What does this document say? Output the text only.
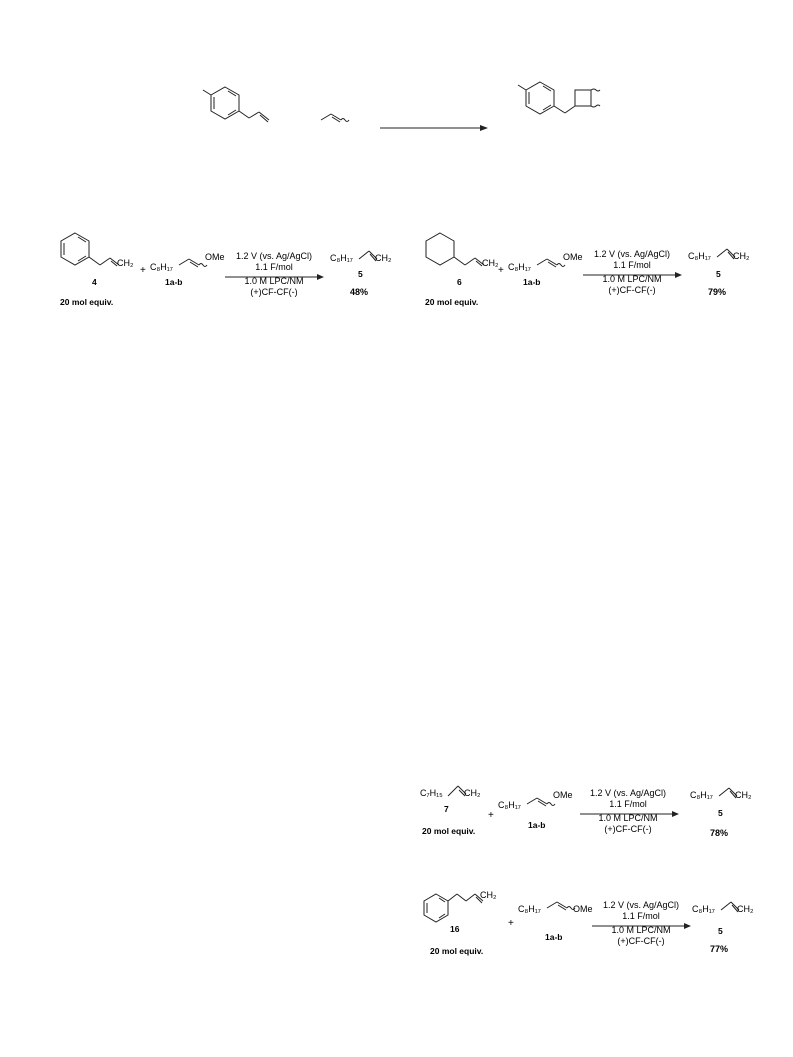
CH₂
4
20 mol equiv.
+ C₈H₁₇
OMe
1a-b
1.2 V (vs. Ag/AgCl)
1.1 F/mol
1.0 M LPC/NM
(+)CF-CF(-)
C₈H₁₇ CH₂
5
48%
CH₂
6
20 mol equiv.
+ C₈H₁₇
OMe
1a-b
1.2 V (vs. Ag/AgCl)
1.1 F/mol
1.0 M LPC/NM
(+)CF-CF(-)
C₈H₁₇ CH₂
5
79%
C₇H₁₅ CH₂
7
20 mol equiv.
+
C₈H₁₇
OMe
1a-b
1.2 V (vs. Ag/AgCl)
1.1 F/mol
1.0 M LPC/NM
(+)CF-CF(-)
C₈H₁₇ CH₂
5
78%
CH₂
16
20 mol equiv.
+
C₈H₁₇	OMe
1a-b
1.2 V (vs. Ag/AgCl)
1.1 F/mol
1.0 M LPC/NM
(+)CF-CF(-)
C₈H₁₇ CH₂
5
77%
